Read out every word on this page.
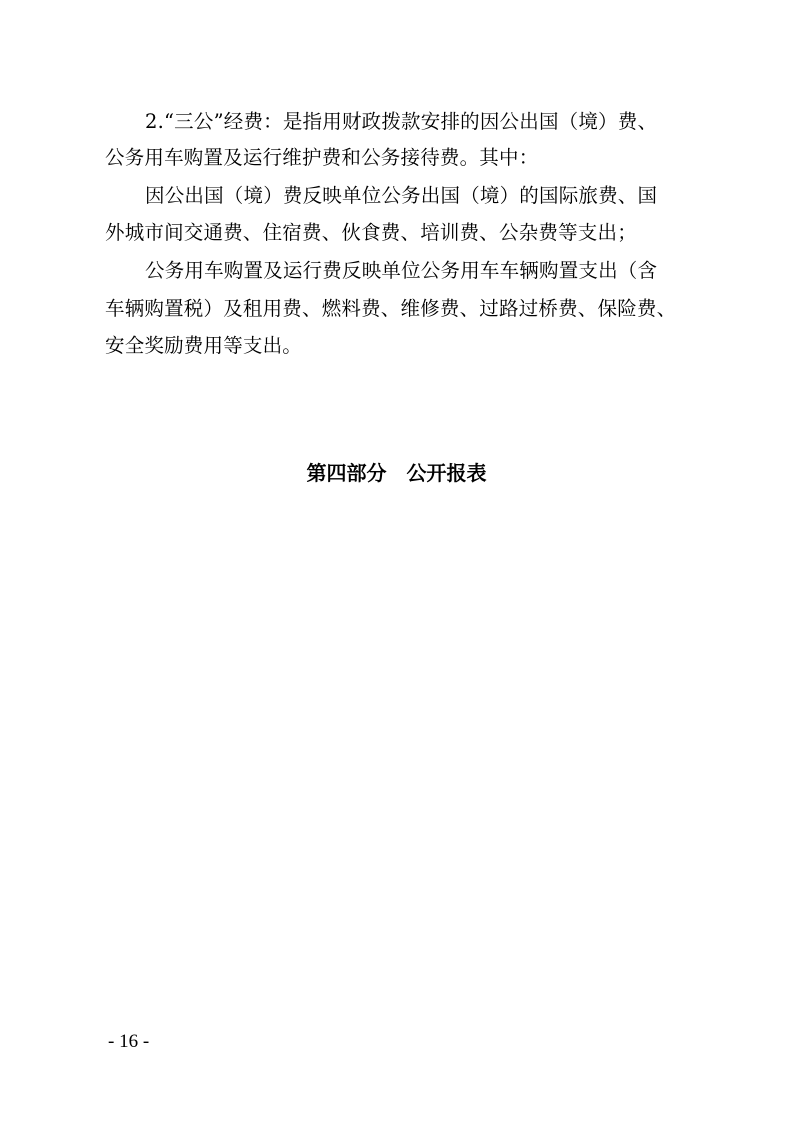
2.“三公”经费：是指用财政拨款安排的因公出国（境）费、
公务用车购置及运行维护费和公务接待费。其中：
因公出国（境）费反映单位公务出国（境）的国际旅费、国
外城市间交通费、住宿费、伙食费、培训费、公杂费等支出；
公务用车购置及运行费反映单位公务用车车辆购置支出（含
车辆购置税）及租用费、燃料费、维修费、过路过桥费、保险费、
安全奖励费用等支出。
第四部分　公开报表
- 16 -
